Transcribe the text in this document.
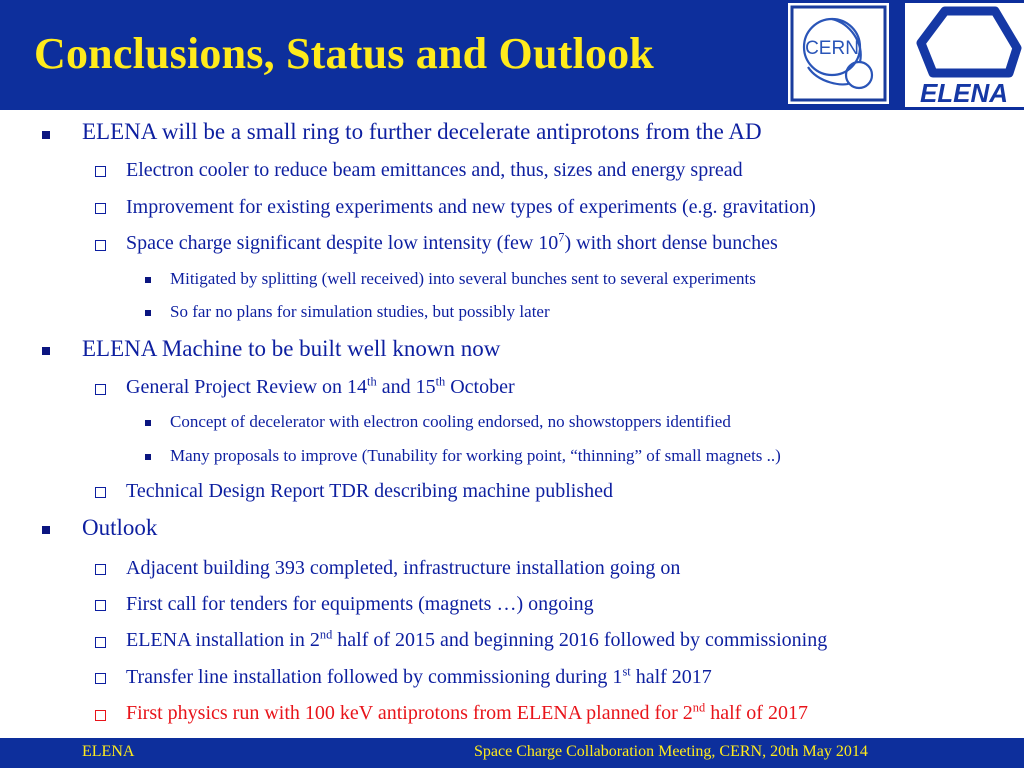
Conclusions, Status and Outlook	CERN
ELENA
ELENA will be a small ring to further decelerate antiprotons from the AD
Electron cooler to reduce beam emittances and, thus, sizes and energy spread
Improvement for existing experiments and new types of experiments (e.g. gravitation)
Space charge significant despite low intensity (few $10^7$) with short dense bunches
Mitigated by splitting (well received) into several bunches sent to several experiments
So far no plans for simulation studies, but possibly later
ELENA Machine to be built well known now
General Project Review on 14th and 15th October
Concept of decelerator with electron cooling endorsed, no showstoppers identified
Many proposals to improve (Tunability for working point, “thinning” of small magnets ..)
Technical Design Report TDR describing machine published
Outlook
Adjacent building 393 completed, infrastructure installation going on
First call for tenders for equipments (magnets …) ongoing
ELENA installation in 2nd half of 2015 and beginning 2016 followed by commissioning
Transfer line installation followed by commissioning during 1st half 2017
First physics run with 100 keV antiprotons from ELENA planned for 2nd half of 2017
ELENA	Space Charge Collaboration Meeting, CERN, 20th May 2014
